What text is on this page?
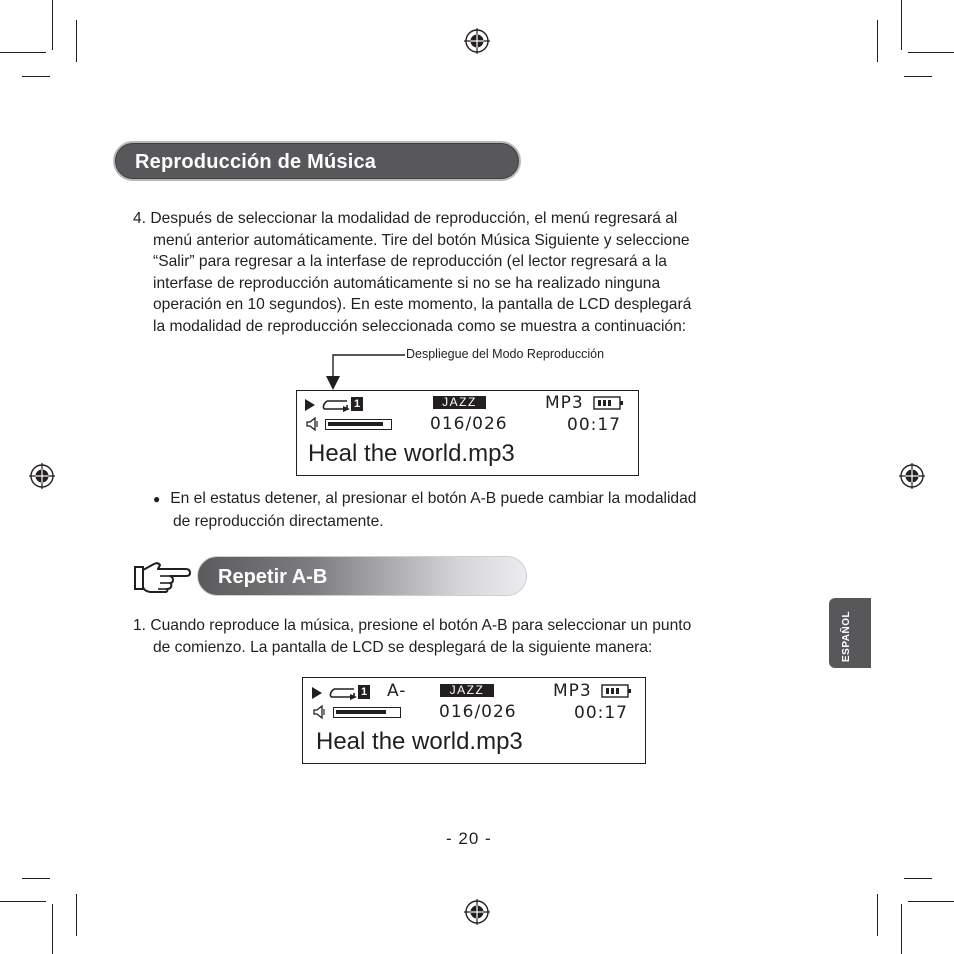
Reproducción de Música
4. Después de seleccionar la modalidad de reproducción, el menú regresará al
menú anterior automáticamente. Tire del botón Música Siguiente y seleccione
“Salir” para regresar a la interfase de reproducción (el lector regresará a la
interfase de reproducción automáticamente si no se ha realizado ninguna
operación en 10 segundos). En este momento, la pantalla de LCD desplegará
la modalidad de reproducción seleccionada como se muestra a continuación:
Despliegue del Modo Reproducción
1	JAZZ
016/026
MP3
00:17
Heal the world.mp3
● En el estatus detener, al presionar el botón A-B puede cambiar la modalidad
de reproducción directamente.
Repetir A-B
1. Cuando reproduce la música, presione el botón A-B para seleccionar un punto
de comienzo. La pantalla de LCD se desplegará de la siguiente manera:
1 A-	JAZZ
016/026
MP3
00:17
Heal the world.mp3
ESPAÑOL
- 20 -
